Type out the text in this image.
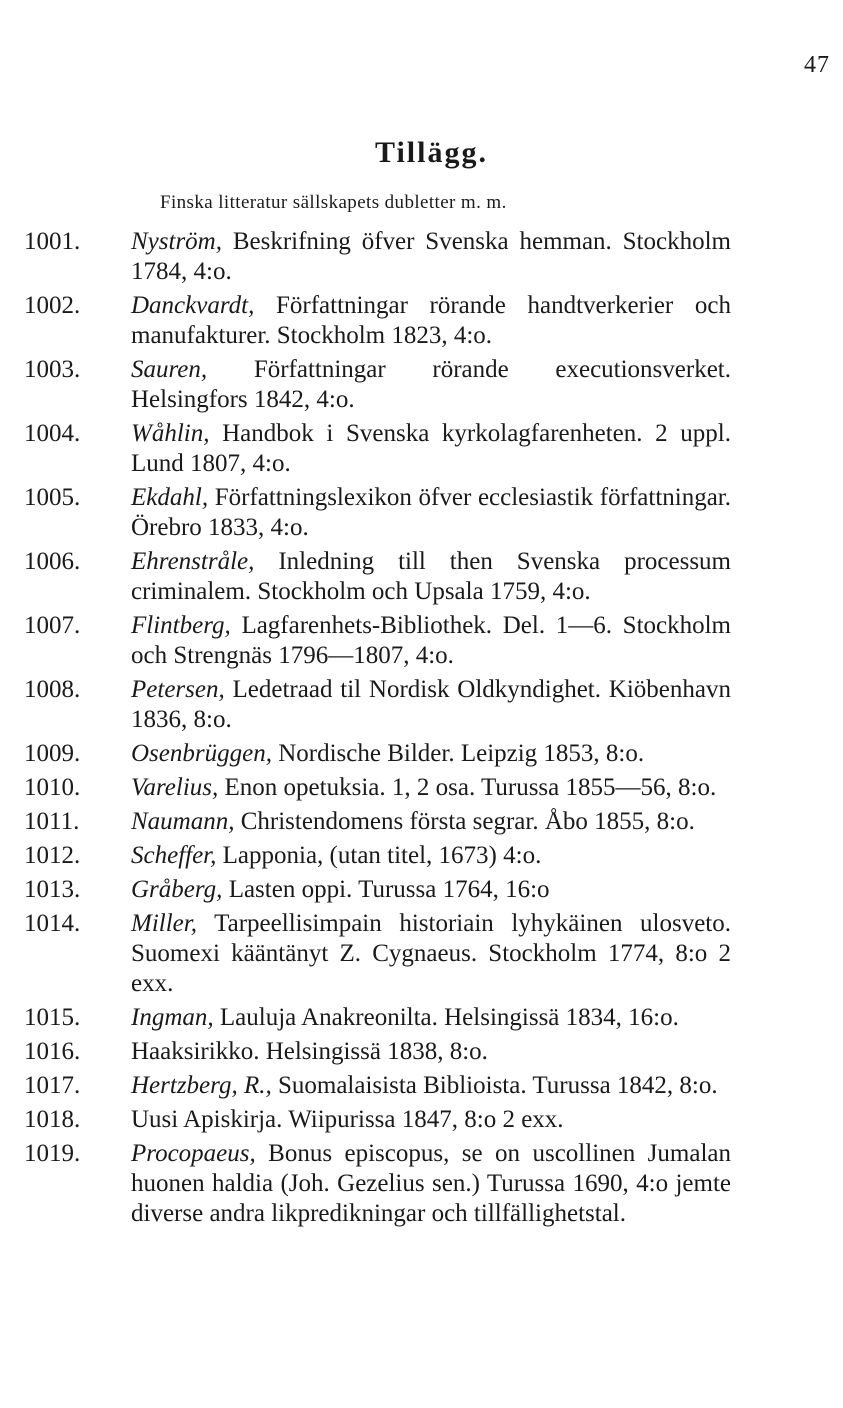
47
Tillägg.
Finska litteratur sällskapets dubletter m. m.
1001. Nyström, Beskrifning öfver Svenska hemman. Stockholm 1784, 4:o.
1002. Danckvardt, Författningar rörande handtverkerier och manufakturer. Stockholm 1823, 4:o.
1003. Sauren, Författningar rörande executionsverket. Helsingfors 1842, 4:o.
1004. Wåhlin, Handbok i Svenska kyrkolagfarenheten. 2 uppl. Lund 1807, 4:o.
1005. Ekdahl, Författningslexikon öfver ecclesiastik författningar. Örebro 1833, 4:o.
1006. Ehrenstråle, Inledning till then Svenska processum criminalem. Stockholm och Upsala 1759, 4:o.
1007. Flintberg, Lagfarenhets-Bibliothek. Del. 1—6. Stockholm och Strengnäs 1796—1807, 4:o.
1008. Petersen, Ledetraad til Nordisk Oldkyndighet. Kiöbenhavn 1836, 8:o.
1009. Osenbrüggen, Nordische Bilder. Leipzig 1853, 8:o.
1010. Varelius, Enon opetuksia. 1, 2 osa. Turussa 1855—56, 8:o.
1011. Naumann, Christendomens första segrar. Åbo 1855, 8:o.
1012. Scheffer, Lapponia, (utan titel, 1673) 4:o.
1013. Gråberg, Lasten oppi. Turussa 1764, 16:o
1014. Miller, Tarpeellisimpain historiain lyhykäinen ulosveto. Suomexi kääntänyt Z. Cygnaeus. Stockholm 1774, 8:o 2 exx.
1015. Ingman, Lauluja Anakreonilta. Helsingissä 1834, 16:o.
1016. Haaksirikko. Helsingissä 1838, 8:o.
1017. Hertzberg, R., Suomalaisista Biblioista. Turussa 1842, 8:o.
1018. Uusi Apiskirja. Wiipurissa 1847, 8:o 2 exx.
1019. Procopaeus, Bonus episcopus, se on uscollinen Jumalan huonen haldia (Joh. Gezelius sen.) Turussa 1690, 4:o jemte diverse andra likpredikningar och tillfällighetstal.
